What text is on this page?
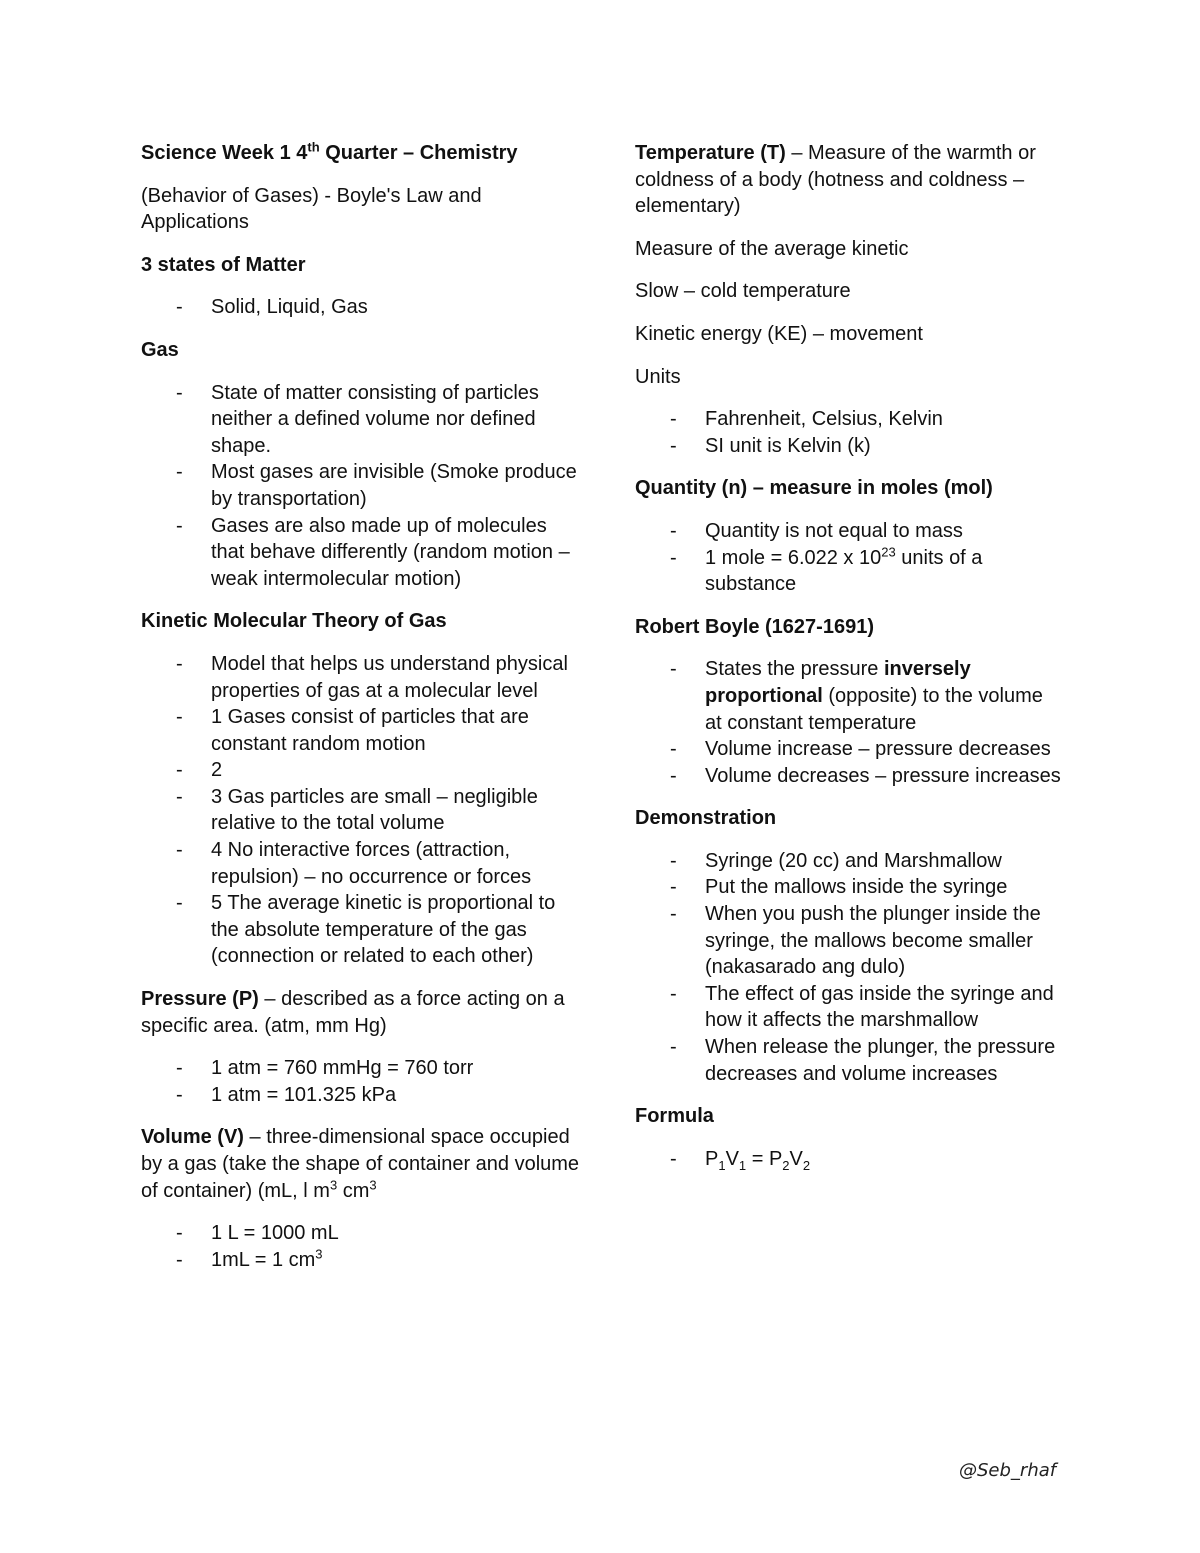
Science Week 1 4th Quarter – Chemistry

(Behavior of Gases) - Boyle's Law and Applications

3 states of Matter

- Solid, Liquid, Gas

Gas

- State of matter consisting of particles neither a defined volume nor defined shape.
- Most gases are invisible (Smoke produce by transportation)
- Gases are also made up of molecules that behave differently (random motion – weak intermolecular motion)

Kinetic Molecular Theory of Gas

- Model that helps us understand physical properties of gas at a molecular level
- 1 Gases consist of particles that are constant random motion
- 2
- 3 Gas particles are small – negligible relative to the total volume
- 4 No interactive forces (attraction, repulsion) – no occurrence or forces
- 5 The average kinetic is proportional to the absolute temperature of the gas (connection or related to each other)

Pressure (P) – described as a force acting on a specific area. (atm, mm Hg)

- 1 atm = 760 mmHg = 760 torr
- 1 atm = 101.325 kPa

Volume (V) – three-dimensional space occupied by a gas (take the shape of container and volume of container) (mL, l $m^3$ $cm^3$

- 1 L = 1000 mL
- 1mL = 1 $cm^3$

Temperature (T) – Measure of the warmth or coldness of a body (hotness and coldness – elementary)

Measure of the average kinetic

Slow – cold temperature

Kinetic energy (KE) – movement

Units

- Fahrenheit, Celsius, Kelvin
- SI unit is Kelvin (k)

Quantity (n) – measure in moles (mol)

- Quantity is not equal to mass
- 1 mole = 6.022 x $10^{23}$ units of a substance

Robert Boyle (1627-1691)

- States the pressure inversely proportional (opposite) to the volume at constant temperature
- Volume increase – pressure decreases
- Volume decreases – pressure increases

Demonstration

- Syringe (20 cc) and Marshmallow
- Put the mallows inside the syringe
- When you push the plunger inside the syringe, the mallows become smaller (nakasarado ang dulo)
- The effect of gas inside the syringe and how it affects the marshmallow
- When release the plunger, the pressure decreases and volume increases

Formula

- $P_1V_1 = P_2V_2$
@Seb_rhaf
